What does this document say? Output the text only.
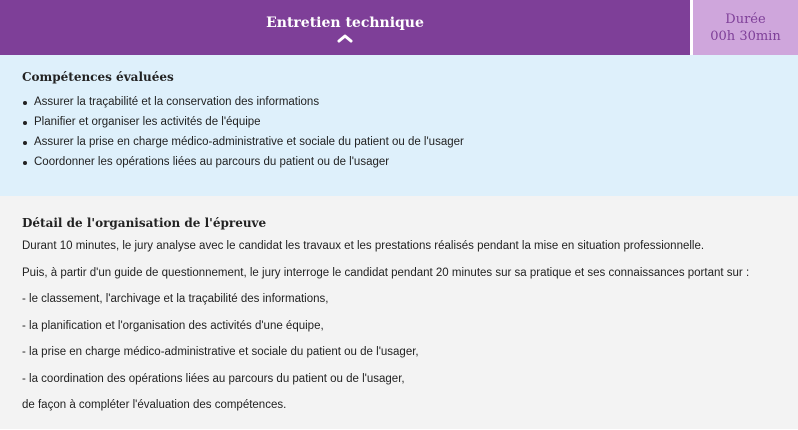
Entretien technique	Durée
00h 30min
Compétences évaluées
Assurer la traçabilité et la conservation des informations
Planifier et organiser les activités de l'équipe
Assurer la prise en charge médico-administrative et sociale du patient ou de l'usager
Coordonner les opérations liées au parcours du patient ou de l'usager
Détail de l'organisation de l'épreuve

Durant 10 minutes, le jury analyse avec le candidat les travaux et les prestations réalisés pendant la mise en situation professionnelle.

Puis, à partir d'un guide de questionnement, le jury interroge le candidat pendant 20 minutes sur sa pratique et ses connaissances portant sur :

- le classement, l'archivage et la traçabilité des informations,

- la planification et l'organisation des activités d'une équipe,

- la prise en charge médico-administrative et sociale du patient ou de l'usager,

- la coordination des opérations liées au parcours du patient ou de l'usager,

de façon à compléter l'évaluation des compétences.
